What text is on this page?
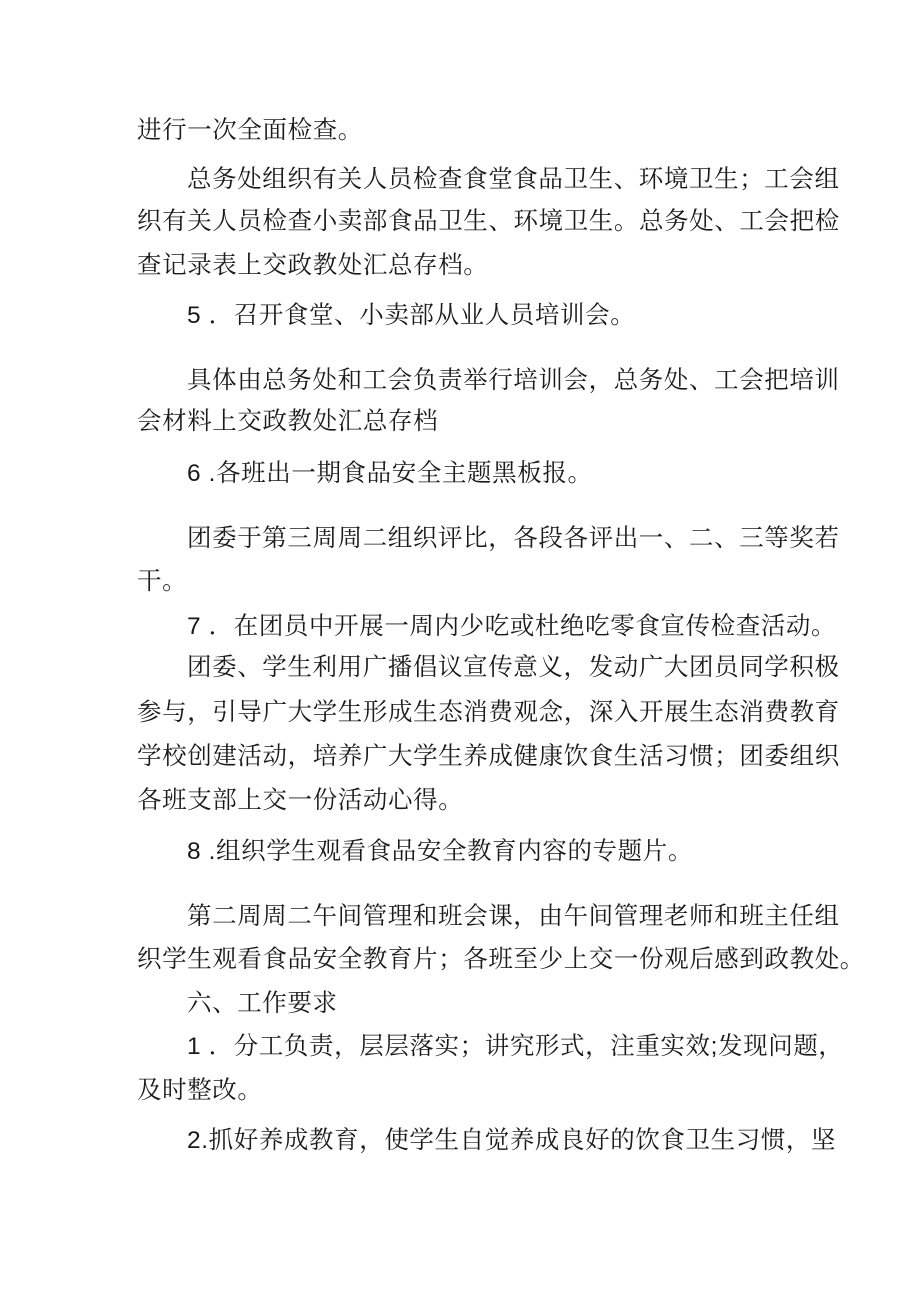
进行一次全面检查。
总务处组织有关人员检查食堂食品卫生、环境卫生；工会组
织有关人员检查小卖部食品卫生、环境卫生。总务处、工会把检
查记录表上交政教处汇总存档。
5 ．召开食堂、小卖部从业人员培训会。
具体由总务处和工会负责举行培训会，总务处、工会把培训
会材料上交政教处汇总存档
6 .各班出一期食品安全主题黑板报。
团委于第三周周二组织评比，各段各评出一、二、三等奖若
干。
7 ．在团员中开展一周内少吃或杜绝吃零食宣传检查活动。
团委、学生利用广播倡议宣传意义，发动广大团员同学积极
参与，引导广大学生形成生态消费观念，深入开展生态消费教育
学校创建活动，培养广大学生养成健康饮食生活习惯；团委组织
各班支部上交一份活动心得。
8 .组织学生观看食品安全教育内容的专题片。
第二周周二午间管理和班会课，由午间管理老师和班主任组
织学生观看食品安全教育片；各班至少上交一份观后感到政教处。
六、工作要求
1 ．分工负责，层层落实；讲究形式，注重实效;发现问题，
及时整改。
2.抓好养成教育，使学生自觉养成良好的饮食卫生习惯，坚
